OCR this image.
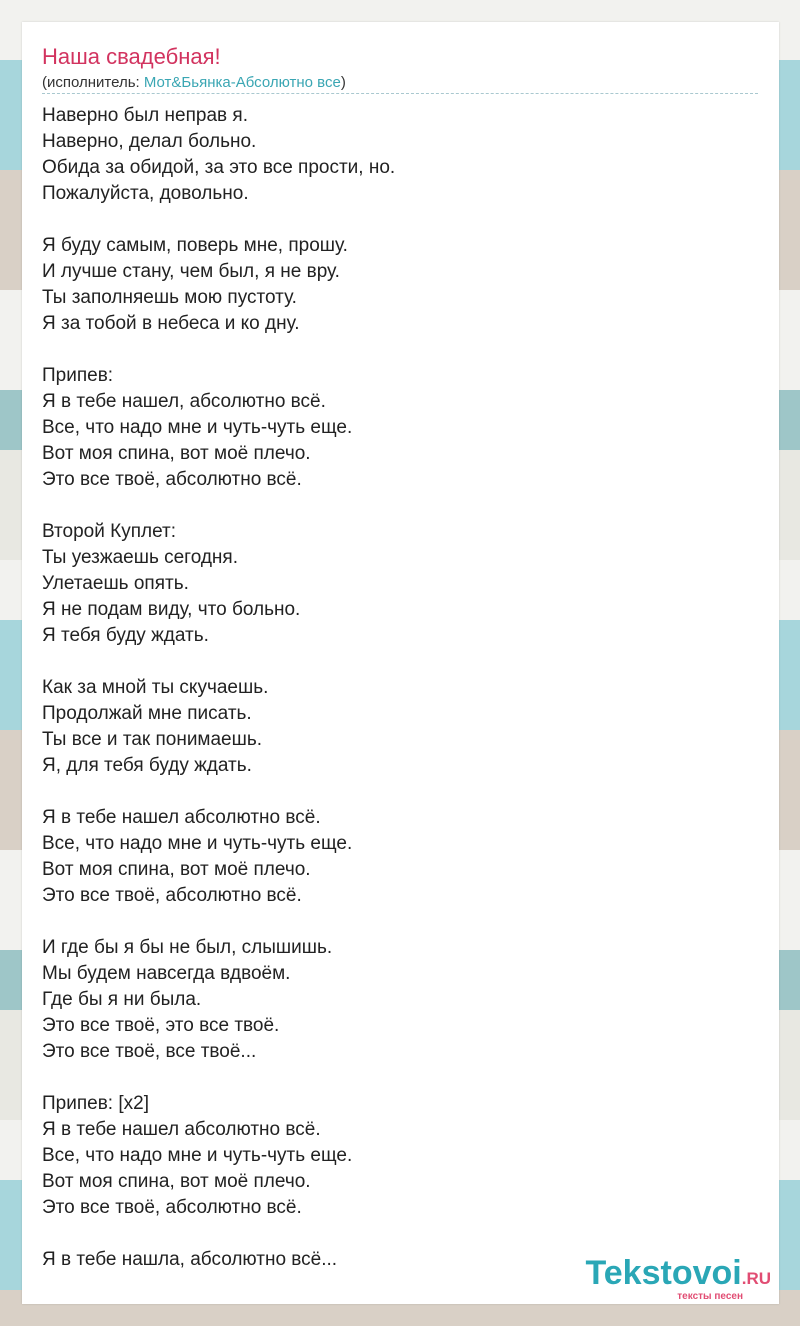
Наша свадебная!
(исполнитель: Мот&Бьянка-Абсолютно все)
Наверно был неправ я.
Наверно, делал больно.
Обида за обидой, за это все прости, но.
Пожалуйста, довольно.
Я буду самым, поверь мне, прошу.
И лучше стану, чем был, я не вру.
Ты заполняешь мою пустоту.
Я за тобой в небеса и ко дну.
Припев:
Я в тебе нашел, абсолютно всё.
Все, что надо мне и чуть-чуть еще.
Вот моя спина, вот моё плечо.
Это все твоё, абсолютно всё.
Второй Куплет:
Ты уезжаешь сегодня.
Улетаешь опять.
Я не подам виду, что больно.
Я тебя буду ждать.
Как за мной ты скучаешь.
Продолжай мне писать.
Ты все и так понимаешь.
Я, для тебя буду ждать.
Я в тебе нашел абсолютно всё.
Все, что надо мне и чуть-чуть еще.
Вот моя спина, вот моё плечо.
Это все твоё, абсолютно всё.
И где бы я бы не был, слышишь.
Мы будем навсегда вдвоём.
Где бы я ни была.
Это все твоё, это все твоё.
Это все твоё, все твоё...
Припев: [x2]
Я в тебе нашел абсолютно всё.
Все, что надо мне и чуть-чуть еще.
Вот моя спина, вот моё плечо.
Это все твоё, абсолютно всё.
Я в тебе нашла, абсолютно всё...	Tekstovoi.RU
тексты песен
